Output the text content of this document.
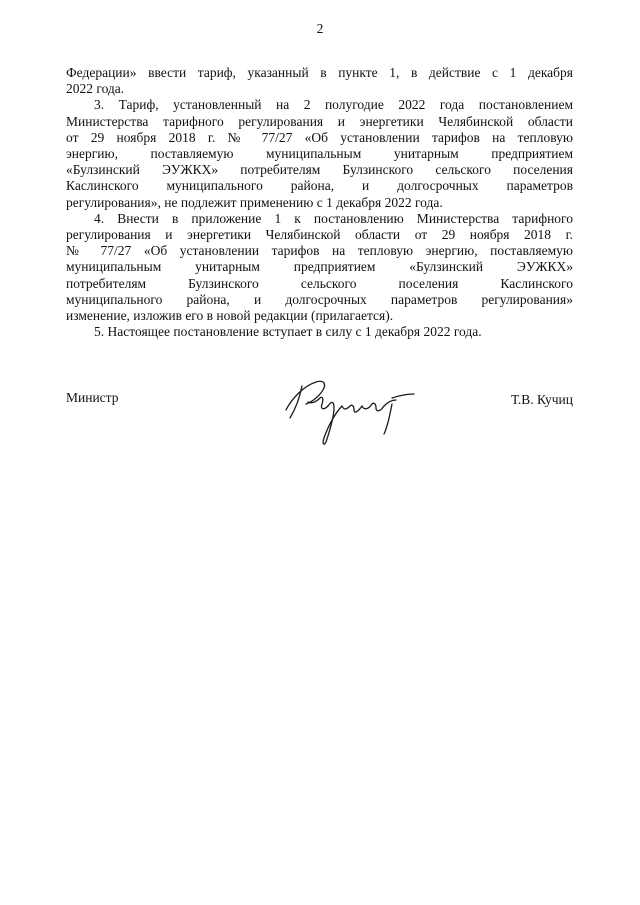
2

Федерации» ввести тариф, указанный в пункте 1, в действие с 1 декабря
2022 года.

3. Тариф, установленный на 2 полугодие 2022 года постановлением
Министерства тарифного регулирования и энергетики Челябинской области
от 29 ноября 2018 г. № 77/27 «Об установлении тарифов на тепловую
энергию, поставляемую муниципальным унитарным предприятием
«Булзинский ЭУЖКХ» потребителям Булзинского сельского поселения
Каслинского муниципального района, и долгосрочных параметров
регулирования», не подлежит применению с 1 декабря 2022 года.

4. Внести в приложение 1 к постановлению Министерства тарифного
регулирования и энергетики Челябинской области от 29 ноября 2018 г.
№ 77/27 «Об установлении тарифов на тепловую энергию, поставляемую
муниципальным унитарным предприятием «Булзинский ЭУЖКХ»
потребителям Булзинского сельского поселения Каслинского
муниципального района, и долгосрочных параметров регулирования»
изменение, изложив его в новой редакции (прилагается).

5. Настоящее постановление вступает в силу с 1 декабря 2022 года.

Министр	Т.В. Кучиц
